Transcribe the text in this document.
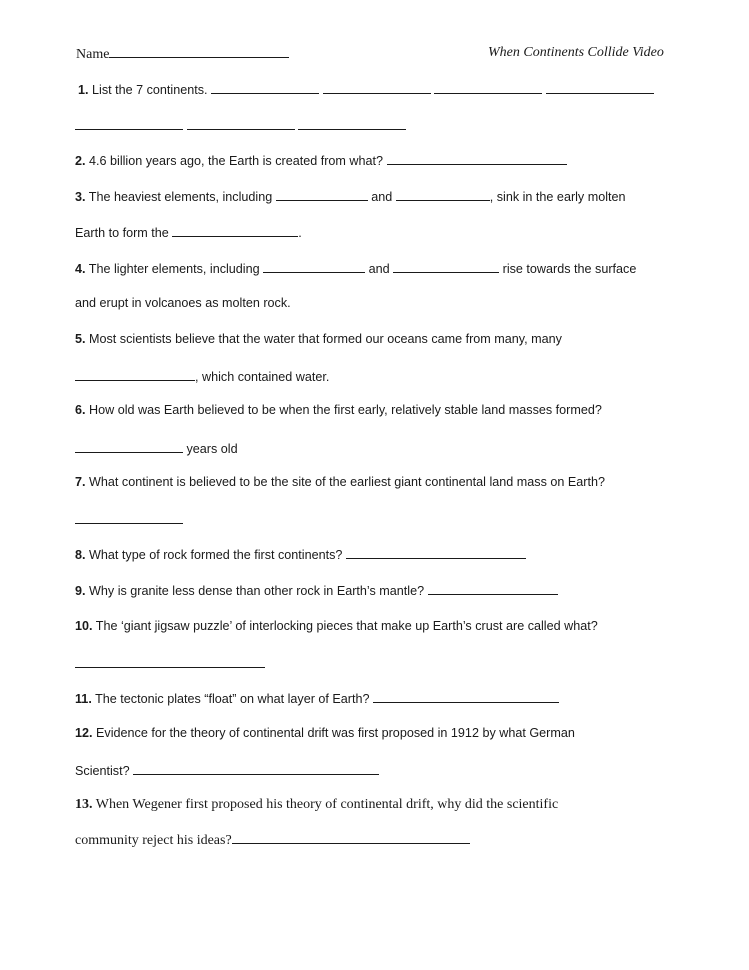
Name	When Continents Collide Video
1. List the 7 continents.

2. 4.6 billion years ago, the Earth is created from what?
3. The heaviest elements, including	and	, sink in the early molten
Earth to form the	.
4. The lighter elements, including	and	rise towards the surface
and erupt in volcanoes as molten rock.
5. Most scientists believe that the water that formed our oceans came from many, many
, which contained water.
6. How old was Earth believed to be when the first early, relatively stable land masses formed?
years old
7. What continent is believed to be the site of the earliest giant continental land mass on Earth?
8. What type of rock formed the first continents?
9. Why is granite less dense than other rock in Earth’s mantle?
10. The ‘giant jigsaw puzzle’ of interlocking pieces that make up Earth’s crust are called what?
11. The tectonic plates “float” on what layer of Earth?
12. Evidence for the theory of continental drift was first proposed in 1912 by what German
Scientist?
13. When Wegener first proposed his theory of continental drift, why did the scientific
community reject his ideas?
